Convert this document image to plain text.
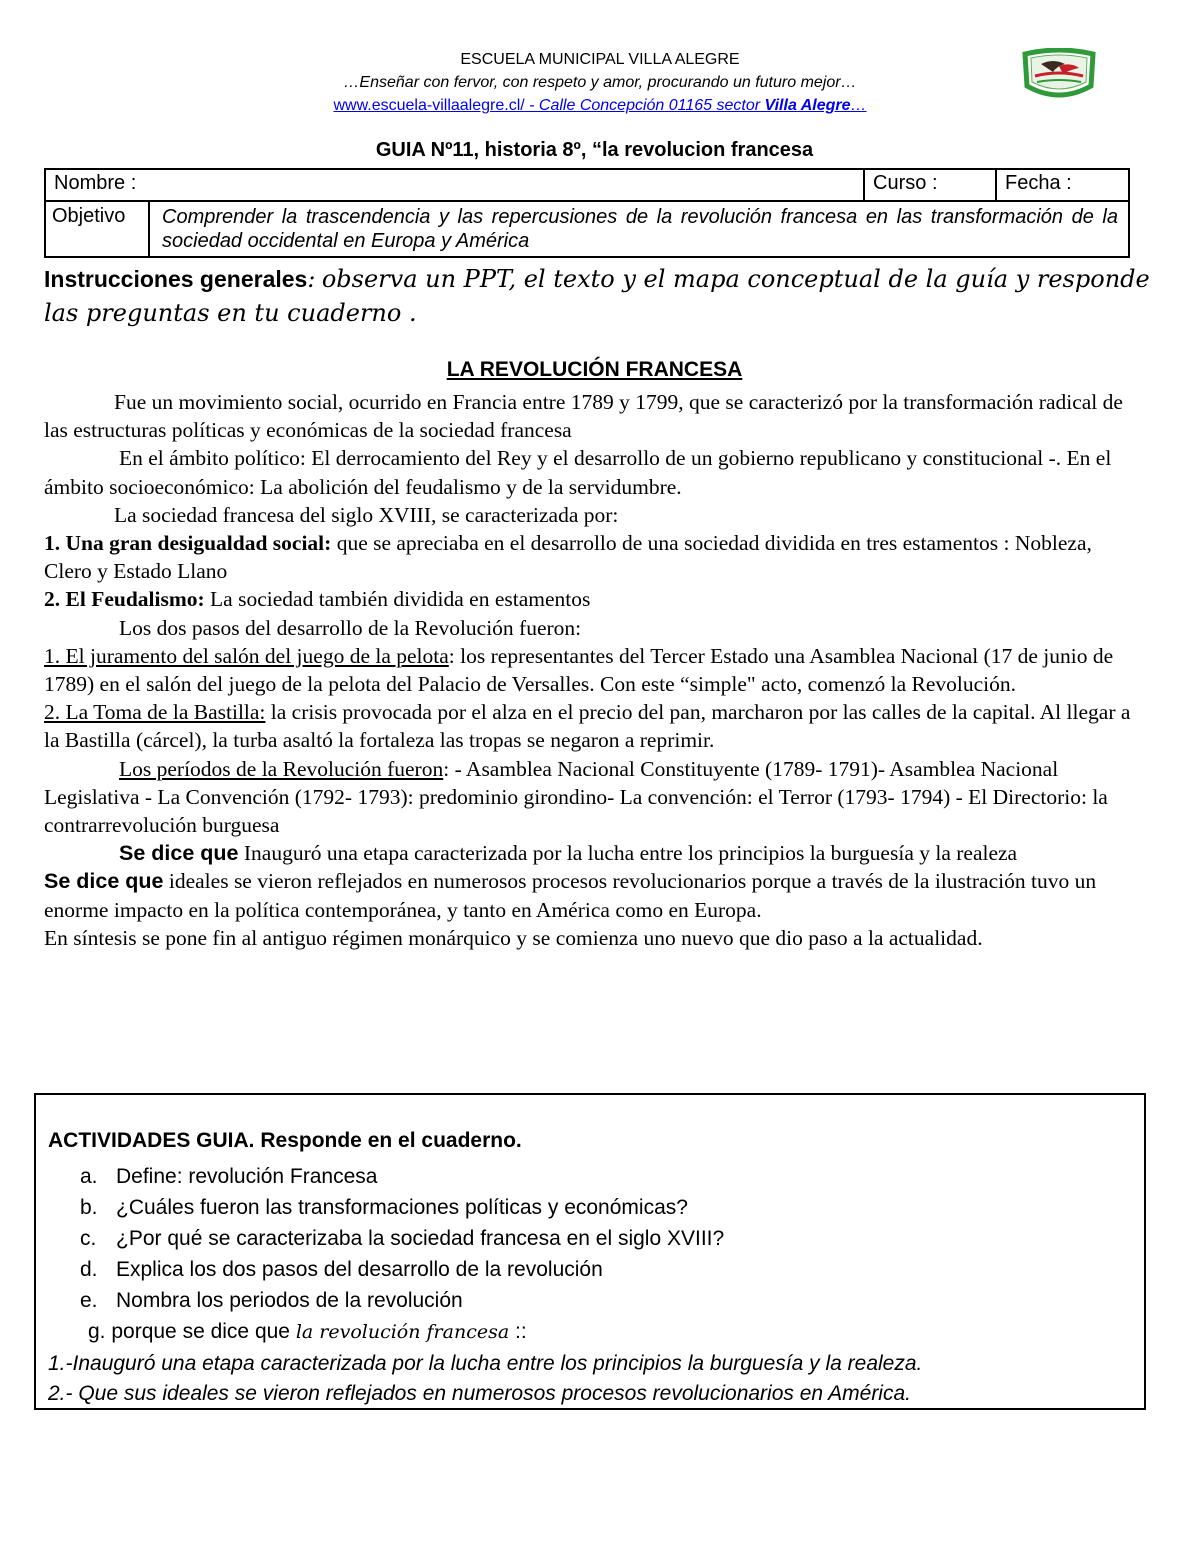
ESCUELA MUNICIPAL VILLA ALEGRE
…Enseñar con fervor, con respeto y amor, procurando un futuro mejor…
www.escuela-villaalegre.cl/ - Calle Concepción 01165 sector Villa Alegre…
GUIA Nº11, historia 8º, “la revolucion francesa
Nombre :		Curso :	Fecha :
Objetivo	Comprender la trascendencia y las repercusiones de la revolución francesa en las transformación de la sociedad occidental en Europa y América		
Instrucciones generales: observa un PPT, el texto y el mapa conceptual de la guía y responde las preguntas en tu cuaderno .
LA REVOLUCIÓN FRANCESA

Fue un movimiento social, ocurrido en Francia entre 1789 y 1799, que se caracterizó por la transformación radical de las estructuras políticas y económicas de la sociedad francesa

En el ámbito político: El derrocamiento del Rey y el desarrollo de un gobierno republicano y constitucional -. En el ámbito socioeconómico: La abolición del feudalismo y de la servidumbre.

La sociedad francesa del siglo XVIII, se caracterizada por:

1. Una gran desigualdad social: que se apreciaba en el desarrollo de una sociedad dividida en tres estamentos : Nobleza, Clero y Estado Llano

2. El Feudalismo: La sociedad también dividida en estamentos

Los dos pasos del desarrollo de la Revolución fueron:

1. El juramento del salón del juego de la pelota: los representantes del Tercer Estado una Asamblea Nacional (17 de junio de 1789) en el salón del juego de la pelota del Palacio de Versalles. Con este “simple" acto, comenzó la Revolución.

2. La Toma de la Bastilla: la crisis provocada por el alza en el precio del pan, marcharon por las calles de la capital. Al llegar a la Bastilla (cárcel), la turba asaltó la fortaleza las tropas se negaron a reprimir.

Los períodos de la Revolución fueron: - Asamblea Nacional Constituyente (1789- 1791)- Asamblea Nacional Legislativa - La Convención (1792- 1793): predominio girondino- La convención: el Terror (1793- 1794) - El Directorio: la contrarrevolución burguesa

Se dice que Inauguró una etapa caracterizada por la lucha entre los principios la burguesía y la realeza

Se dice que ideales se vieron reflejados en numerosos procesos revolucionarios porque a través de la ilustración tuvo un enorme impacto en la política contemporánea, y tanto en América como en Europa.

En síntesis se pone fin al antiguo régimen monárquico y se comienza uno nuevo que dio paso a la actualidad.

ACTIVIDADES GUIA. Responde en el cuaderno.
a. Define: revolución Francesa
b. ¿Cuáles fueron las transformaciones políticas y económicas?
c. ¿Por qué se caracterizaba la sociedad francesa en el siglo XVIII?
d. Explica los dos pasos del desarrollo de la revolución
e. Nombra los periodos de la revolución
g. porque se dice que la revolución francesa ::
1.-Inauguró una etapa caracterizada por la lucha entre los principios la burguesía y la realeza.
2.- Que sus ideales se vieron reflejados en numerosos procesos revolucionarios en América.
